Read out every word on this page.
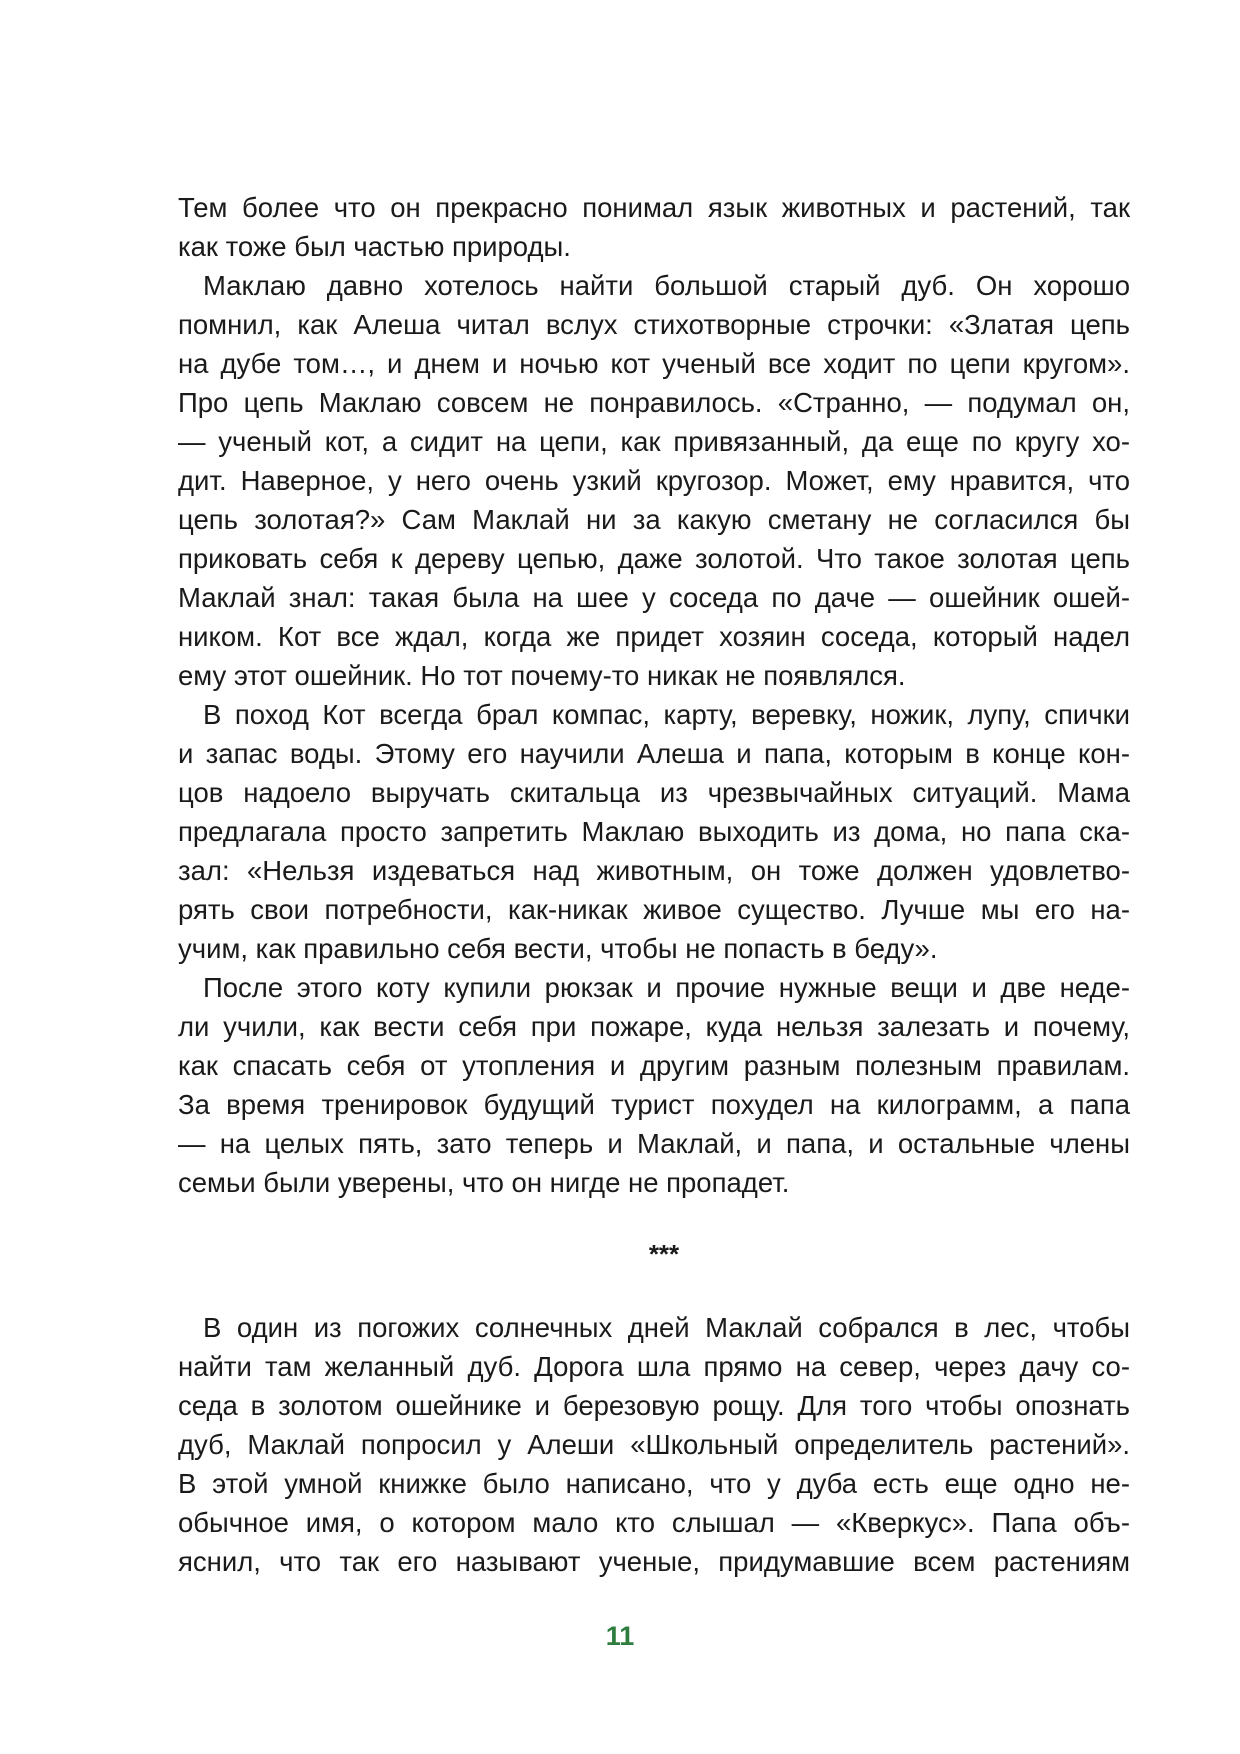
Тем более что он прекрасно понимал язык животных и растений, так
как тоже был частью природы.
Маклаю давно хотелось найти большой старый дуб. Он хорошо
помнил, как Алеша читал вслух стихотворные строчки: «Златая цепь
на дубе том…, и днем и ночью кот ученый все ходит по цепи кругом».
Про цепь Маклаю совсем не понравилось. «Странно, — подумал он,
— ученый кот, а сидит на цепи, как привязанный, да еще по кругу хо-
дит. Наверное, у него очень узкий кругозор. Может, ему нравится, что
цепь золотая?» Сам Маклай ни за какую сметану не согласился бы
приковать себя к дереву цепью, даже золотой. Что такое золотая цепь
Маклай знал: такая была на шее у соседа по даче — ошейник ошей-
ником. Кот все ждал, когда же придет хозяин соседа, который надел
ему этот ошейник. Но тот почему-то никак не появлялся.
В поход Кот всегда брал компас, карту, веревку, ножик, лупу, спички
и запас воды. Этому его научили Алеша и папа, которым в конце кон-
цов надоело выручать скитальца из чрезвычайных ситуаций. Мама
предлагала просто запретить Маклаю выходить из дома, но папа ска-
зал: «Нельзя издеваться над животным, он тоже должен удовлетво-
рять свои потребности, как-никак живое существо. Лучше мы его на-
учим, как правильно себя вести, чтобы не попасть в беду».
После этого коту купили рюкзак и прочие нужные вещи и две неде-
ли учили, как вести себя при пожаре, куда нельзя залезать и почему,
как спасать себя от утопления и другим разным полезным правилам.
За время тренировок будущий турист похудел на килограмм, а папа
— на целых пять, зато теперь и Маклай, и папа, и остальные члены
семьи были уверены, что он нигде не пропадет.
***
В один из погожих солнечных дней Маклай собрался в лес, чтобы
найти там желанный дуб. Дорога шла прямо на север, через дачу со-
седа в золотом ошейнике и березовую рощу. Для того чтобы опознать
дуб, Маклай попросил у Алеши «Школьный определитель растений».
В этой умной книжке было написано, что у дуба есть еще одно не-
обычное имя, о котором мало кто слышал — «Кверкус». Папа объ-
яснил, что так его называют ученые, придумавшие всем растениям
11
